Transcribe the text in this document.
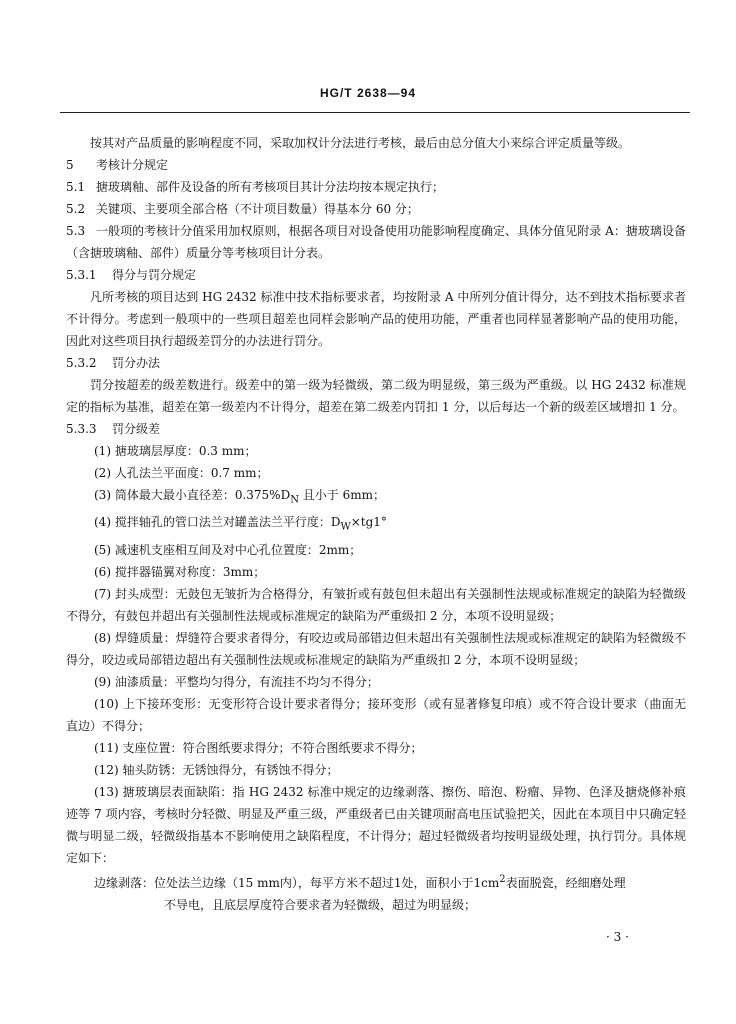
HG/T 2638—94

按其对产品质量的影响程度不同，采取加权计分法进行考核，最后由总分值大小来综合评定质量等级。

5 考核计分规定

5.1 搪玻璃釉、部件及设备的所有考核项目其计分法均按本规定执行；

5.2 关键项、主要项全部合格（不计项目数量）得基本分 60 分；

5.3 一般项的考核计分值采用加权原则，根据各项目对设备使用功能影响程度确定、具体分值见附录 A：搪玻璃设备（含搪玻璃釉、部件）质量分等考核项目计分表。

5.3.1 得分与罚分规定

凡所考核的项目达到 HG 2432 标准中技术指标要求者，均按附录 A 中所列分值计得分，达不到技术指标要求者不计得分。考虑到一般项中的一些项目超差也同样会影响产品的使用功能，严重者也同样显著影响产品的使用功能，因此对这些项目执行超级差罚分的办法进行罚分。

5.3.2 罚分办法

罚分按超差的级差数进行。级差中的第一级为轻微级，第二级为明显级，第三级为严重级。以 HG 2432 标准规定的指标为基准，超差在第一级差内不计得分，超差在第二级差内罚扣 1 分，以后每达一个新的级差区域增扣 1 分。

5.3.3 罚分级差

(1) 搪玻璃层厚度：0.3 mm；

(2) 人孔法兰平面度：0.7 mm；

(3) 筒体最大最小直径差：$0.375\%D_N$ 且小于 6mm；

(4) 搅拌轴孔的管口法兰对罐盖法兰平行度：$D_W\times tg1^\circ$

(5) 减速机支座相互间及对中心孔位置度：2mm；

(6) 搅拌器锚翼对称度：3mm；

(7) 封头成型：无鼓包无皱折为合格得分，有皱折或有鼓包但未超出有关强制性法规或标准规定的缺陷为轻微级不得分，有鼓包并超出有关强制性法规或标准规定的缺陷为严重级扣 2 分，本项不设明显级；

(8) 焊缝质量：焊缝符合要求者得分，有咬边或局部错边但未超出有关强制性法规或标准规定的缺陷为轻微级不得分，咬边或局部错边超出有关强制性法规或标准规定的缺陷为严重级扣 2 分，本项不设明显级；

(9) 油漆质量：平整均匀得分，有流挂不均匀不得分；

(10) 上下接环变形：无变形符合设计要求者得分；接环变形（或有显著修复印痕）或不符合设计要求（曲面无直边）不得分；

(11) 支座位置：符合图纸要求得分；不符合图纸要求不得分；

(12) 轴头防锈：无锈蚀得分，有锈蚀不得分；

(13) 搪玻璃层表面缺陷：指 HG 2432 标准中规定的边缘剥落、擦伤、暗泡、粉瘤、异物、色泽及搪烧修补痕迹等 7 项内容，考核时分轻微、明显及严重三级，严重级者已由关键项耐高电压试验把关，因此在本项目中只确定轻微与明显二级，轻微级指基本不影响使用之缺陷程度，不计得分；超过轻微级者均按明显级处理，执行罚分。具体规定如下：

边缘剥落：位处法兰边缘（15 mm内），每平方米不超过1处，面积小于$1cm^2$表面脱瓷，经细磨处理

不导电，且底层厚度符合要求者为轻微级，超过为明显级；

· 3 ·
